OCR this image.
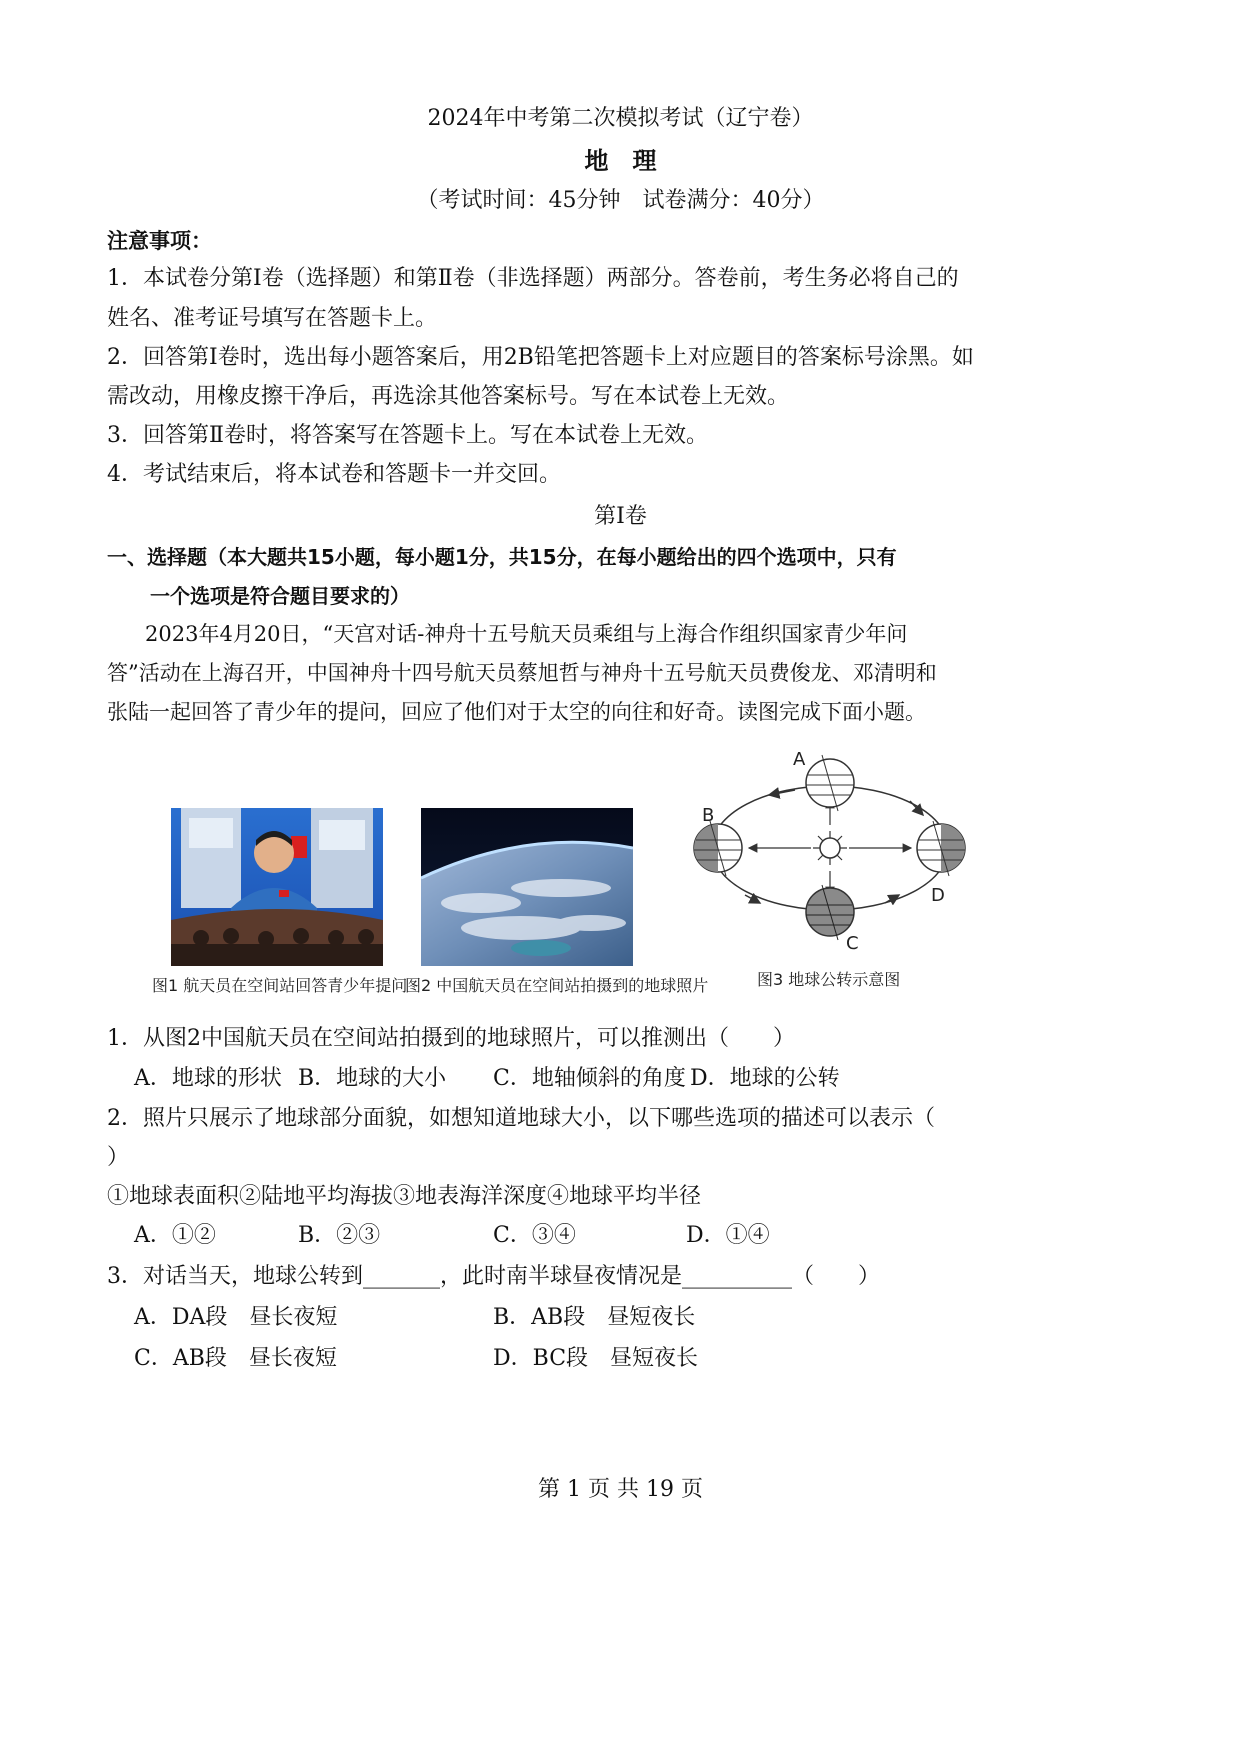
2024年中考第二次模拟考试（辽宁卷）
地　理
（考试时间：45分钟　试卷满分：40分）
注意事项：
1．本试卷分第Ⅰ卷（选择题）和第Ⅱ卷（非选择题）两部分。答卷前，考生务必将自己的
姓名、准考证号填写在答题卡上。
2．回答第Ⅰ卷时，选出每小题答案后，用2B铅笔把答题卡上对应题目的答案标号涂黑。如
需改动，用橡皮擦干净后，再选涂其他答案标号。写在本试卷上无效。
3．回答第Ⅱ卷时，将答案写在答题卡上。写在本试卷上无效。
4．考试结束后，将本试卷和答题卡一并交回。
第Ⅰ卷
一、选择题（本大题共15小题，每小题1分，共15分，在每小题给出的四个选项中，只有
一个选项是符合题目要求的）
2023年4月20日，“天宫对话-神舟十五号航天员乘组与上海合作组织国家青少年问
答”活动在上海召开，中国神舟十四号航天员蔡旭哲与神舟十五号航天员费俊龙、邓清明和
张陆一起回答了青少年的提问，回应了他们对于太空的向往和好奇。读图完成下面小题。
图1 航天员在空间站回答青少年提问
图2 中国航天员在空间站拍摄到的地球照片
A
B
C
D
图3 地球公转示意图
1．从图2中国航天员在空间站拍摄到的地球照片，可以推测出（　　）
A．地球的形状 B．地球的大小 C．地轴倾斜的角度 D．地球的公转
2．照片只展示了地球部分面貌，如想知道地球大小，以下哪些选项的描述可以表示（
）
①地球表面积②陆地平均海拔③地表海洋深度④地球平均半径
A．①②	B．②③	C．③④	D．①④
3．对话当天，地球公转到_______，此时南半球昼夜情况是__________（　　）
A．DA段　昼长夜短	B．AB段　昼短夜长
C．AB段　昼长夜短	D．BC段　昼短夜长
第 1 页 共 19 页
